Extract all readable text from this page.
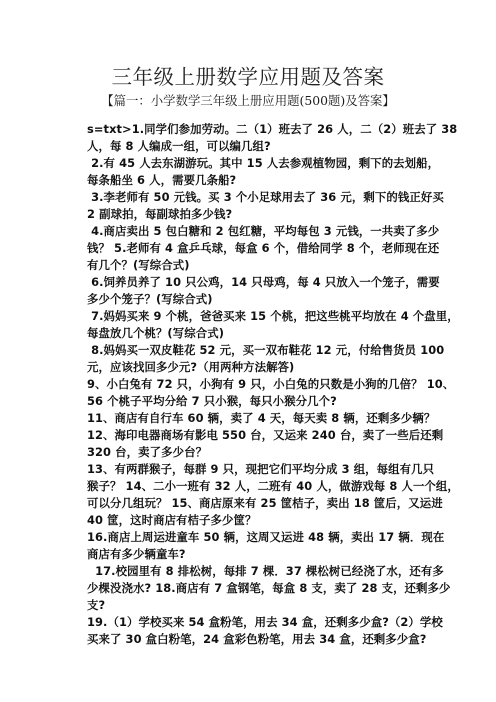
三年级上册数学应用题及答案
【篇一：小学数学三年级上册应用题(500题)及答案】
s=txt>1.同学们参加劳动。二（1）班去了 26 人，二（2）班去了 38
人，每 8 人编成一组，可以编几组?
2.有 45 人去东湖游玩。其中 15 人去参观植物园，剩下的去划船，
每条船坐 6 人，需要几条船?
3.李老师有 50 元钱。买 3 个小足球用去了 36 元，剩下的钱正好买
2 副球拍，每副球拍多少钱?
4.商店卖出 5 包白糖和 2 包红糖，平均每包 3 元钱，一共卖了多少
钱？ 5.老师有 4 盒乒乓球，每盒 6 个，借给同学 8 个，老师现在还
有几个？(写综合式)
6.饲养员养了 10 只公鸡，14 只母鸡，每 4 只放入一个笼子，需要
多少个笼子？(写综合式)
7.妈妈买来 9 个桃，爸爸买来 15 个桃，把这些桃平均放在 4 个盘里，
每盘放几个桃？(写综合式)
8.妈妈买一双皮鞋花 52 元，买一双布鞋花 12 元，付给售货员 100
元，应该找回多少元?（用两种方法解答)
9、小白兔有 72 只，小狗有 9 只，小白兔的只数是小狗的几倍？ 10、
56 个桃子平均分给 7 只小猴，每只小猴分几个?
11、商店有自行车 60 辆，卖了 4 天，每天卖 8 辆，还剩多少辆？
12、海印电器商场有影电 550 台，又运来 240 台，卖了一些后还剩
320 台，卖了多少台？
13、有两群猴子，每群 9 只，现把它们平均分成 3 组，每组有几只
猴子？ 14、二小一班有 32 人，二班有 40 人，做游戏每 8 人一个组，
可以分几组玩？ 15、商店原来有 25 筐桔子，卖出 18 筐后，又运进
40 筐，这时商店有桔子多少筐？
16.商店上周运进童车 50 辆，这周又运进 48 辆，卖出 17 辆．现在
商店有多少辆童车?
17.校园里有 8 排松树，每排 7 棵．37 棵松树已经浇了水，还有多
少棵没浇水? 18.商店有 7 盒钢笔，每盒 8 支，卖了 28 支，还剩多少
支?
19.（1）学校买来 54 盒粉笔，用去 34 盒，还剩多少盒?（2）学校
买来了 30 盒白粉笔，24 盒彩色粉笔，用去 34 盒，还剩多少盒?
